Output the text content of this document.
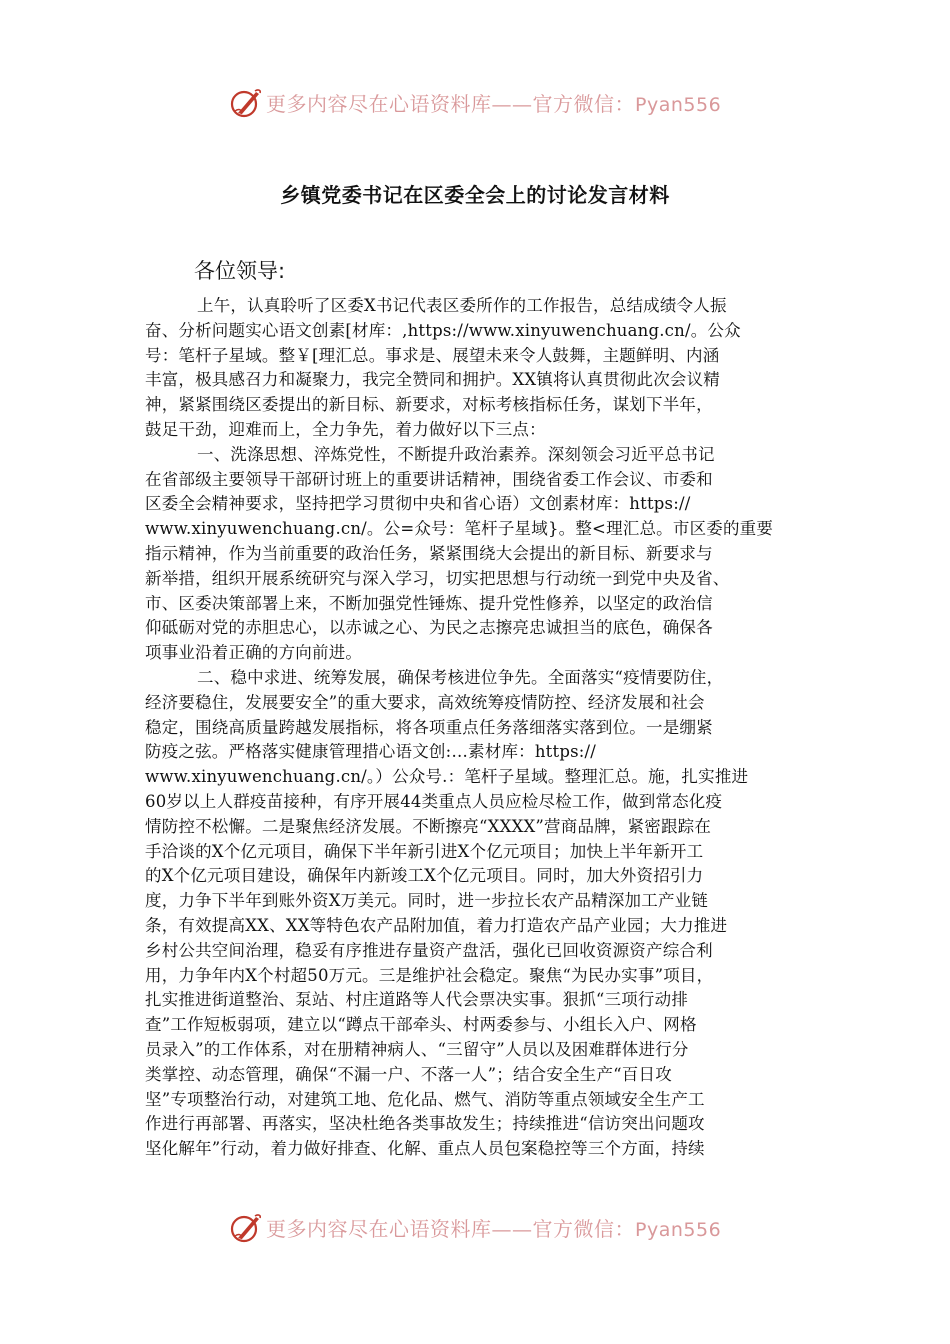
更多内容尽在心语资料库——官方微信：Pyan556
乡镇党委书记在区委全会上的讨论发言材料
各位领导:
上午，认真聆听了区委X书记代表区委所作的工作报告，总结成绩令人振
奋、分析问题实心语文创素[材库：,https://www.xinyuwenchuang.cn/。公众
号：笔杆子星域。整￥[理汇总。事求是、展望未来令人鼓舞，主题鲜明、内涵
丰富，极具感召力和凝聚力，我完全赞同和拥护。XX镇将认真贯彻此次会议精
神，紧紧围绕区委提出的新目标、新要求，对标考核指标任务，谋划下半年，
鼓足干劲，迎难而上，全力争先，着力做好以下三点：
一、洗涤思想、淬炼党性，不断提升政治素养。深刻领会习近平总书记
在省部级主要领导干部研讨班上的重要讲话精神，围绕省委工作会议、市委和
区委全会精神要求，坚持把学习贯彻中央和省心语）文创素材库：https://
www.xinyuwenchuang.cn/。公=众号：笔杆子星域}。整<理汇总。市区委的重要
指示精神，作为当前重要的政治任务，紧紧围绕大会提出的新目标、新要求与
新举措，组织开展系统研究与深入学习，切实把思想与行动统一到党中央及省、
市、区委决策部署上来，不断加强党性锤炼、提升党性修养，以坚定的政治信
仰砥砺对党的赤胆忠心，以赤诚之心、为民之志擦亮忠诚担当的底色，确保各
项事业沿着正确的方向前进。
二、稳中求进、统筹发展，确保考核进位争先。全面落实“疫情要防住，
经济要稳住，发展要安全”的重大要求，高效统筹疫情防控、经济发展和社会
稳定，围绕高质量跨越发展指标，将各项重点任务落细落实落到位。一是绷紧
防疫之弦。严格落实健康管理措心语文创:…素材库：https://
www.xinyuwenchuang.cn/。）公众号.：笔杆子星域。整理汇总。施，扎实推进
60岁以上人群疫苗接种，有序开展44类重点人员应检尽检工作，做到常态化疫
情防控不松懈。二是聚焦经济发展。不断擦亮“XXXX”营商品牌，紧密跟踪在
手洽谈的X个亿元项目，确保下半年新引进X个亿元项目；加快上半年新开工
的X个亿元项目建设，确保年内新竣工X个亿元项目。同时，加大外资招引力
度，力争下半年到账外资X万美元。同时，进一步拉长农产品精深加工产业链
条，有效提高XX、XX等特色农产品附加值，着力打造农产品产业园；大力推进
乡村公共空间治理，稳妥有序推进存量资产盘活，强化已回收资源资产综合利
用，力争年内X个村超50万元。三是维护社会稳定。聚焦“为民办实事”项目，
扎实推进街道整治、泵站、村庄道路等人代会票决实事。狠抓“三项行动排
查”工作短板弱项，建立以“蹲点干部牵头、村两委参与、小组长入户、网格
员录入”的工作体系，对在册精神病人、“三留守”人员以及困难群体进行分
类掌控、动态管理，确保“不漏一户、不落一人”；结合安全生产“百日攻
坚”专项整治行动，对建筑工地、危化品、燃气、消防等重点领域安全生产工
作进行再部署、再落实，坚决杜绝各类事故发生；持续推进“信访突出问题攻
坚化解年”行动，着力做好排查、化解、重点人员包案稳控等三个方面，持续
更多内容尽在心语资料库——官方微信：Pyan556
